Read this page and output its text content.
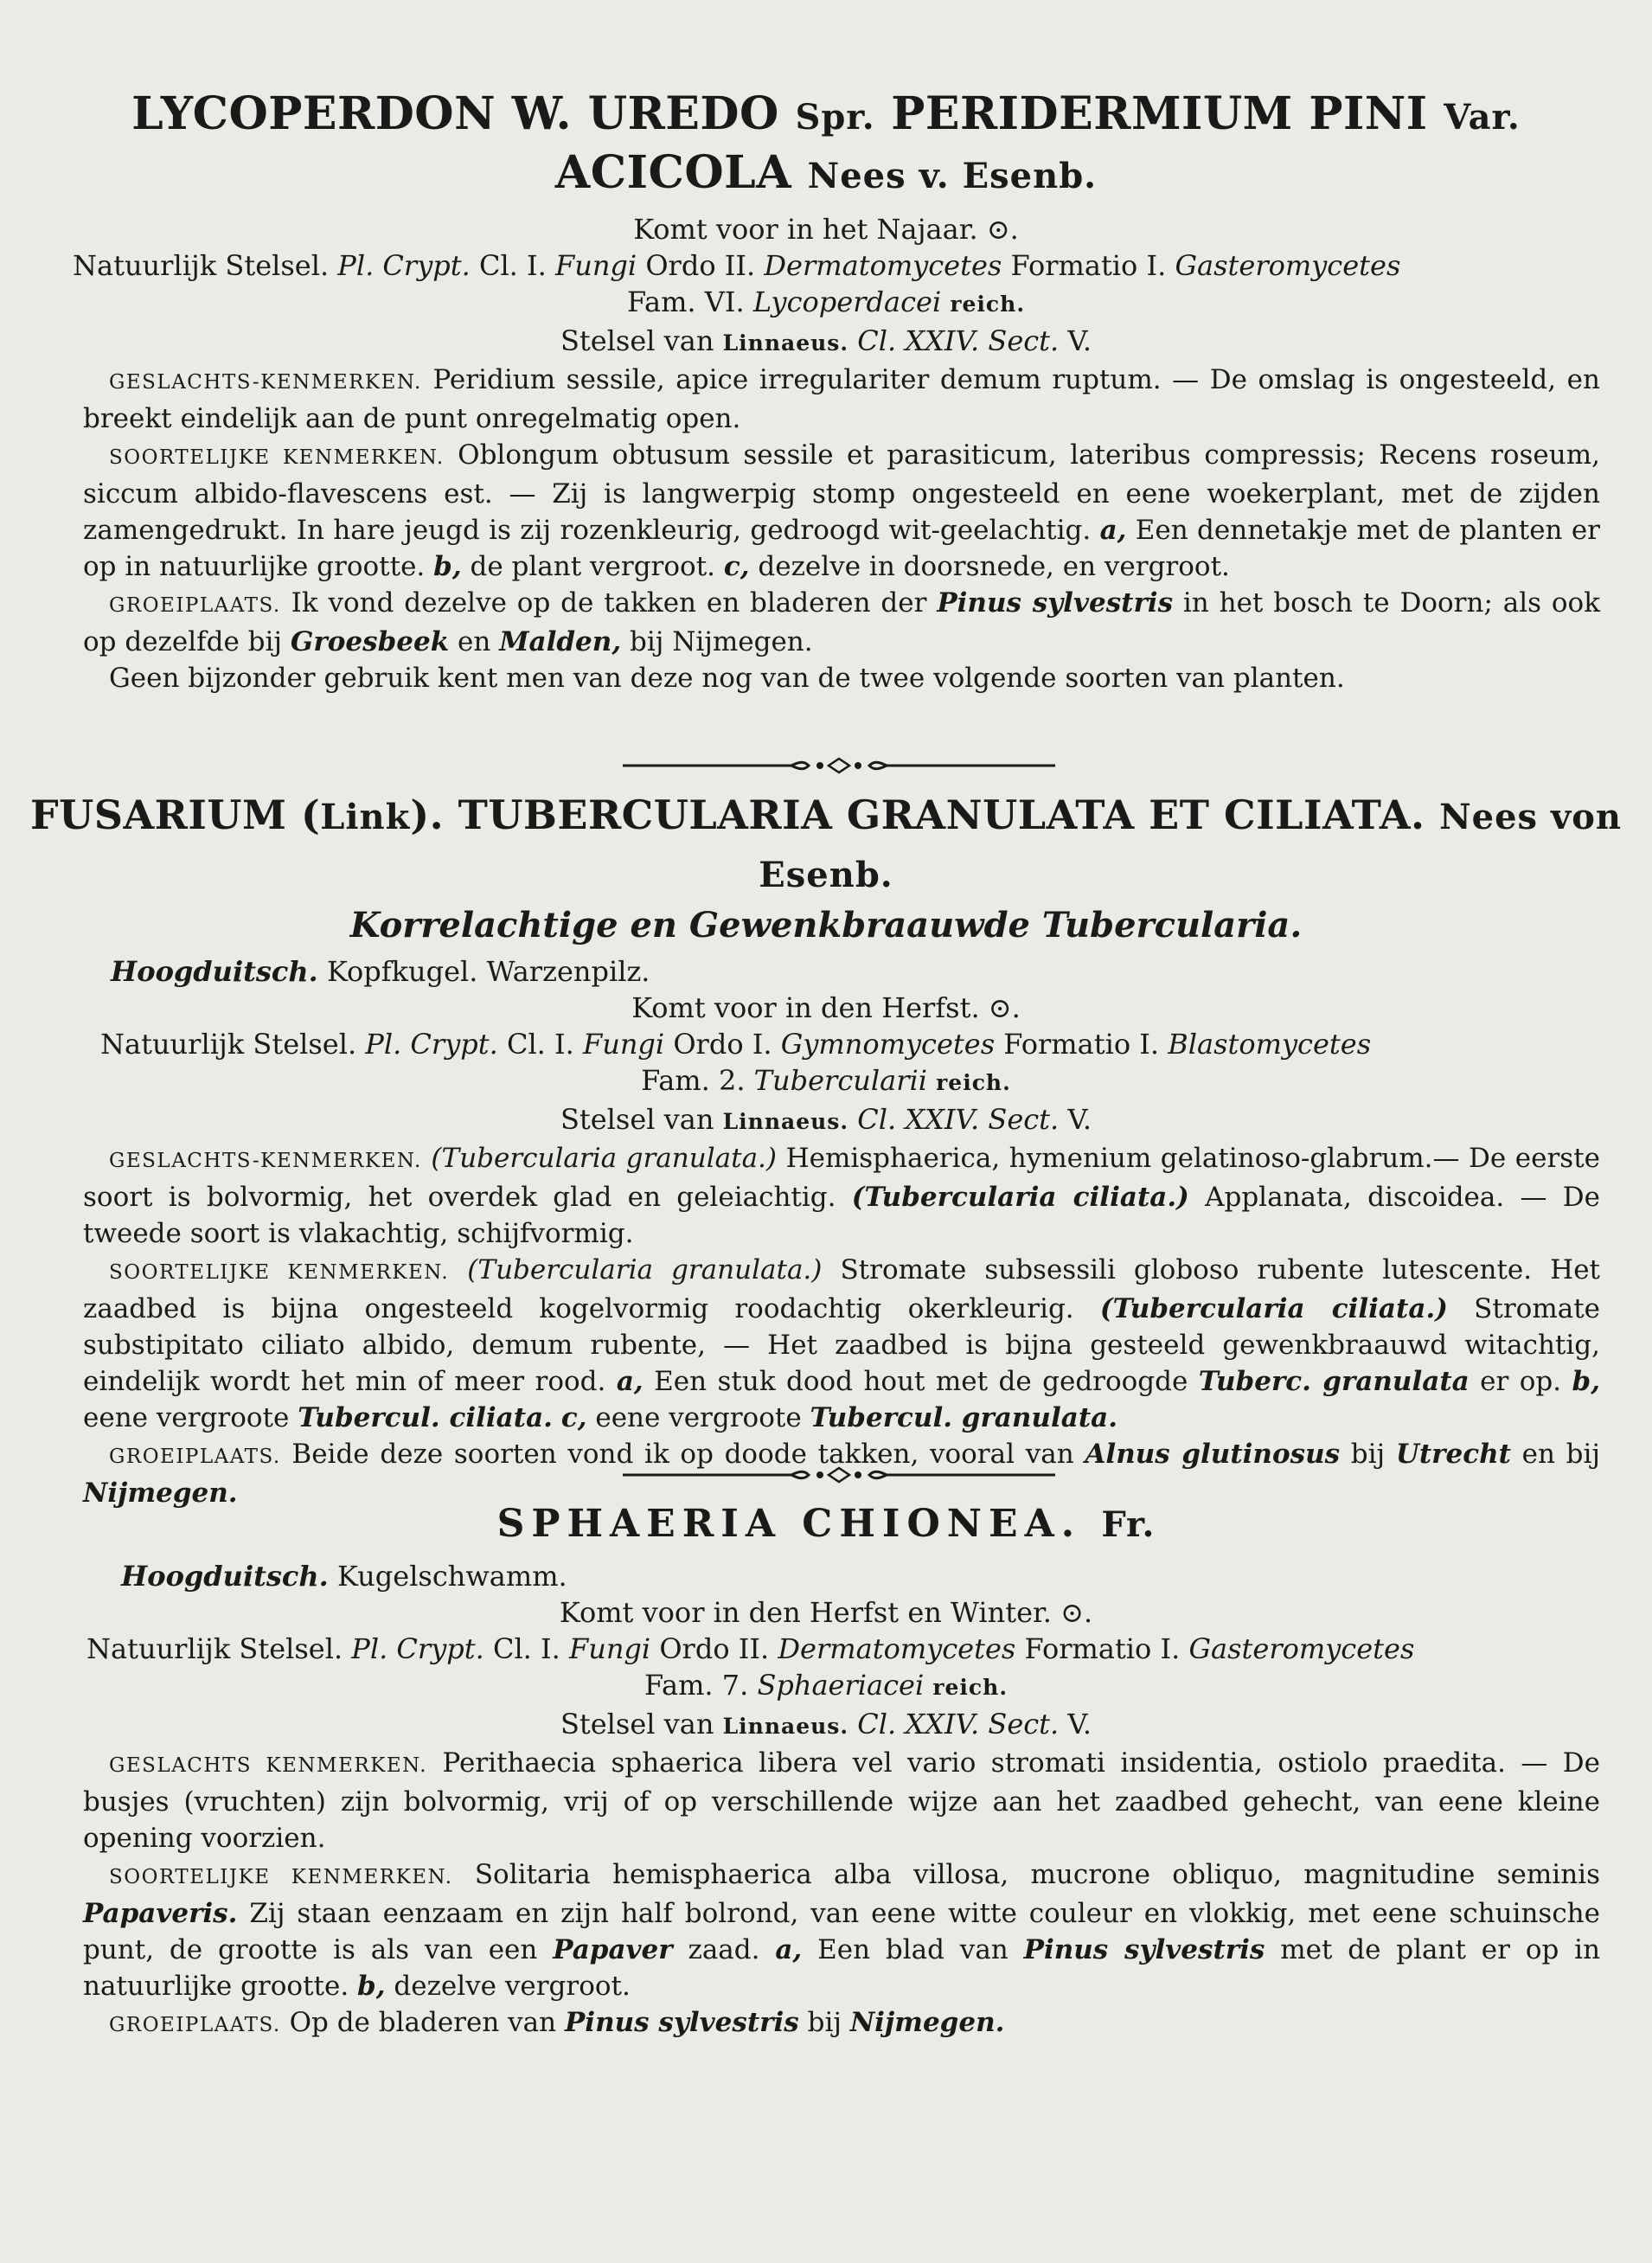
LYCOPERDON W. UREDO Spr. PERIDERMIUM PINI Var.

ACICOLA Nees v. Esenb.

Komt voor in het Najaar. ⊙.

Natuurlijk Stelsel. Pl. Crypt. Cl. I. Fungi Ordo II. Dermatomycetes Formatio I. Gasteromycetes

Fam. VI. Lycoperdacei reich.

Stelsel van Linnaeus. Cl. XXIV. Sect. V.

GESLACHTS-KENMERKEN. Peridium sessile, apice irregulariter demum ruptum. — De omslag is ongesteeld, en breekt eindelijk aan de punt onregelmatig open.

SOORTELIJKE KENMERKEN. Oblongum obtusum sessile et parasiticum, lateribus compressis; Recens roseum, siccum albido-flavescens est. — Zij is langwerpig stomp ongesteeld en eene woekerplant, met de zijden zamengedrukt. In hare jeugd is zij rozenkleurig, gedroogd wit-geelachtig. a, Een dennetakje met de planten er op in natuurlijke grootte. b, de plant vergroot. c, dezelve in doorsnede, en vergroot.

GROEIPLAATS. Ik vond dezelve op de takken en bladeren der Pinus sylvestris in het bosch te Doorn; als ook op dezelfde bij Groesbeek en Malden, bij Nijmegen.

Geen bijzonder gebruik kent men van deze nog van de twee volgende soorten van planten.

FUSARIUM (Link). TUBERCULARIA GRANULATA ET CILIATA. Nees von Esenb.

Korrelachtige en Gewenkbraauwde Tubercularia.

Hoogduitsch. Kopfkugel. Warzenpilz.

Komt voor in den Herfst. ⊙.

Natuurlijk Stelsel. Pl. Crypt. Cl. I. Fungi Ordo I. Gymnomycetes Formatio I. Blastomycetes

Fam. 2. Tubercularii reich.

Stelsel van Linnaeus. Cl. XXIV. Sect. V.

GESLACHTS-KENMERKEN. (Tubercularia granulata.) Hemisphaerica, hymenium gelatinoso-glabrum.— De eerste soort is bolvormig, het overdek glad en geleiachtig. (Tubercularia ciliata.) Applanata, discoidea. — De tweede soort is vlakachtig, schijfvormig.

SOORTELIJKE KENMERKEN. (Tubercularia granulata.) Stromate subsessili globoso rubente lutescente. Het zaadbed is bijna ongesteeld kogelvormig roodachtig okerkleurig. (Tubercularia ciliata.) Stromate substipitato ciliato albido, demum rubente, — Het zaadbed is bijna gesteeld gewenkbraauwd witachtig, eindelijk wordt het min of meer rood. a, Een stuk dood hout met de gedroogde Tuberc. granulata er op. b, eene vergroote Tubercul. ciliata. c, eene vergroote Tubercul. granulata.

GROEIPLAATS. Beide deze soorten vond ik op doode takken, vooral van Alnus glutinosus bij Utrecht en bij Nijmegen.

SPHAERIA CHIONEA. Fr.

Hoogduitsch. Kugelschwamm.

Komt voor in den Herfst en Winter. ⊙.

Natuurlijk Stelsel. Pl. Crypt. Cl. I. Fungi Ordo II. Dermatomycetes Formatio I. Gasteromycetes

Fam. 7. Sphaeriacei reich.

Stelsel van Linnaeus. Cl. XXIV. Sect. V.

GESLACHTS KENMERKEN. Perithaecia sphaerica libera vel vario stromati insidentia, ostiolo praedita. — De busjes (vruchten) zijn bolvormig, vrij of op verschillende wijze aan het zaadbed gehecht, van eene kleine opening voorzien.

SOORTELIJKE KENMERKEN. Solitaria hemisphaerica alba villosa, mucrone obliquo, magnitudine seminis Papaveris. Zij staan eenzaam en zijn half bolrond, van eene witte couleur en vlokkig, met eene schuinsche punt, de grootte is als van een Papaver zaad. a, Een blad van Pinus sylvestris met de plant er op in natuurlijke grootte. b, dezelve vergroot.

GROEIPLAATS. Op de bladeren van Pinus sylvestris bij Nijmegen.
